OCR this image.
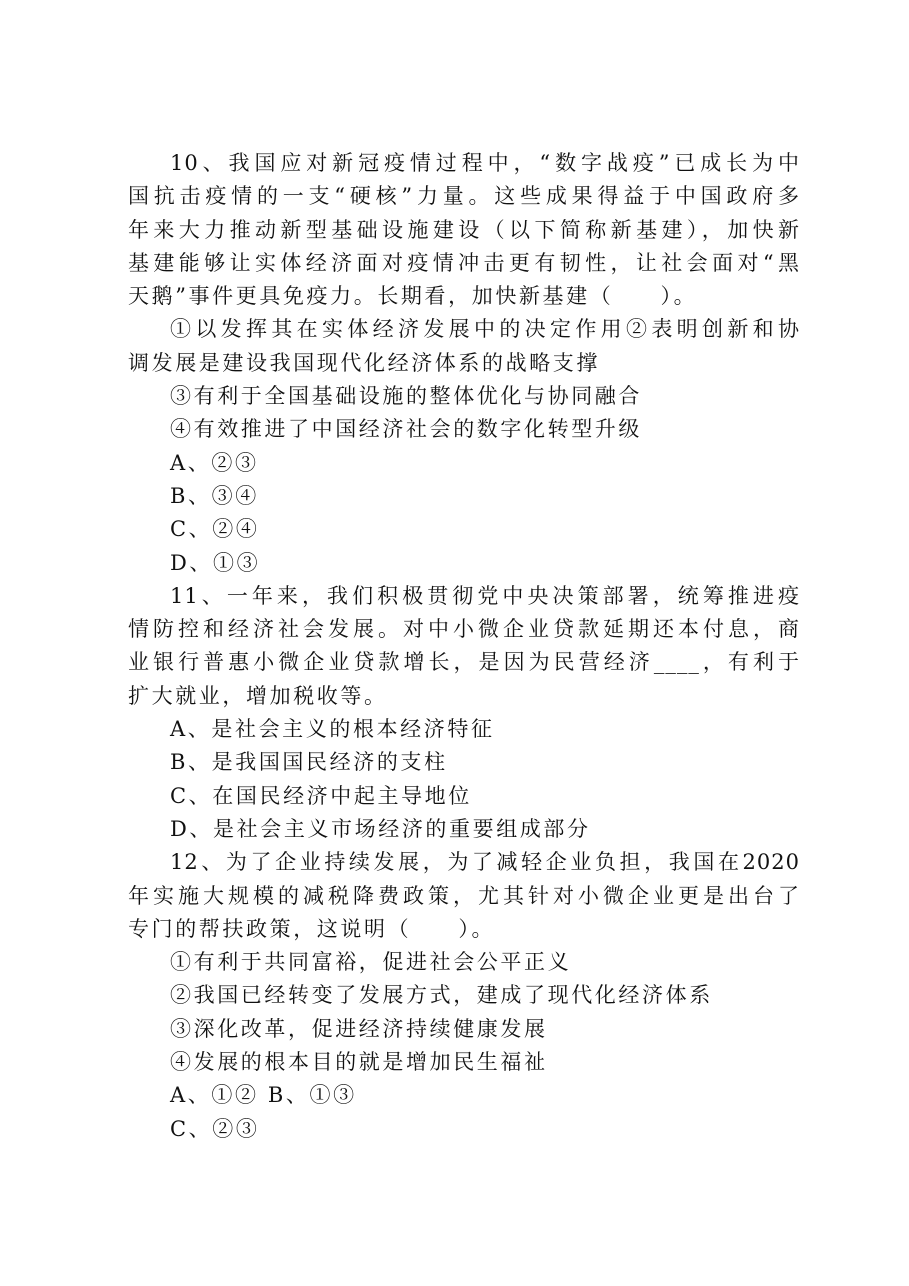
10、我国应对新冠疫情过程中，“数字战疫”已成长为中
国抗击疫情的一支“硬核”力量。这些成果得益于中国政府多
年来大力推动新型基础设施建设（以下简称新基建），加快新
基建能够让实体经济面对疫情冲击更有韧性，让社会面对“黑
天鹅”事件更具免疫力。长期看，加快新基建（　　）。
①以发挥其在实体经济发展中的决定作用②表明创新和协
调发展是建设我国现代化经济体系的战略支撑
③有利于全国基础设施的整体优化与协同融合
④有效推进了中国经济社会的数字化转型升级
A、②③
B、③④
C、②④
D、①③
11、一年来，我们积极贯彻党中央决策部署，统筹推进疫
情防控和经济社会发展。对中小微企业贷款延期还本付息，商
业银行普惠小微企业贷款增长，是因为民营经济____，有利于
扩大就业，增加税收等。
A、是社会主义的根本经济特征
B、是我国国民经济的支柱
C、在国民经济中起主导地位
D、是社会主义市场经济的重要组成部分
12、为了企业持续发展，为了减轻企业负担，我国在2020
年实施大规模的减税降费政策，尤其针对小微企业更是出台了
专门的帮扶政策，这说明（　　）。
①有利于共同富裕，促进社会公平正义
②我国已经转变了发展方式，建成了现代化经济体系
③深化改革，促进经济持续健康发展
④发展的根本目的就是增加民生福祉
A、①② B、①③
C、②③
